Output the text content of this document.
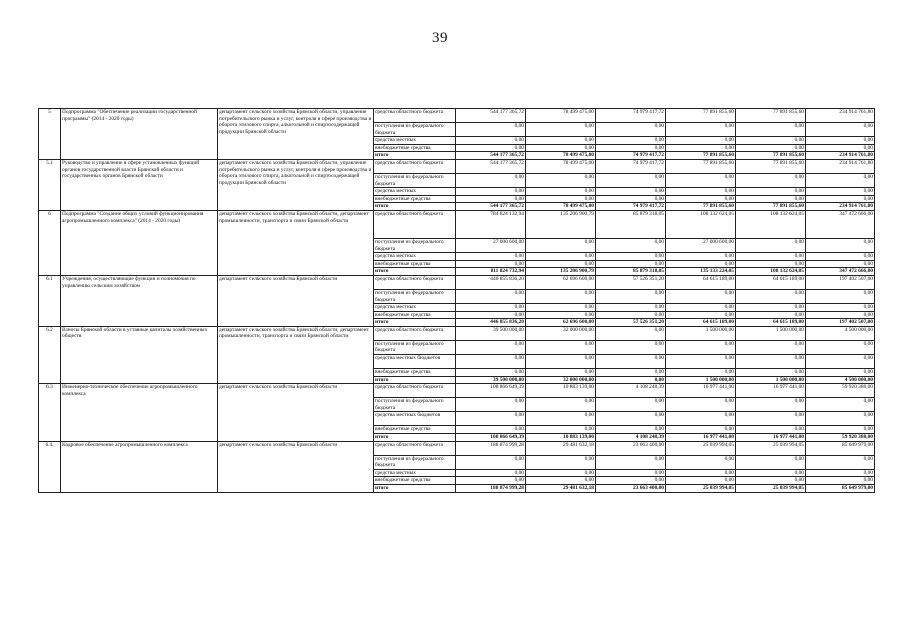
39
5	Подпрограмма "Обеспечение реализации государственной программы" (2014 - 2020 годы)	департамент сельского хозяйства Брянской области, управление потребительского рынка и услуг, контроля в сфере производства и оборота этилового спирта, алкогольной и спиртосодержащей продукции Брянской области	средства областного бюджета	544 177 365,72	78 499 475,00	74 979 417,72	77 891 855,60	77 891 855,60	234 914 761,80
			поступления из федерального бюджета	0,00	0,00	0,00	0,00	0,00	0,00
			средства местных	0,00	0,00	0,00	0,00	0,00	0,00
			внебюджетные средства	0,00	0,00	0,00	0,00	0,00	0,00
			итого	544 177 365,72	78 499 475,00	74 979 417,72	77 891 855,60	77 891 855,60	234 914 761,80
5.1	Руководство и управление в сфере установленных функций органов государственной власти Брянской области и государственных органов Брянской области	департамент сельского хозяйства Брянской области, управление потребительского рынка и услуг, контроля в сфере производства и оборота этилового спирта, алкогольной и спиртосодержащей продукции Брянской области	средства областного бюджета	544 177 365,72	78 499 475,00	74 979 417,72	77 891 855,60	77 891 855,60	234 914 761,80
			поступления из федерального бюджета	0,00	0,00	0,00	0,00	0,00	0,00
			средства местных	0,00	0,00	0,00	0,00	0,00	0,00
			внебюджетные средства	0,00	0,00	0,00	0,00	0,00	0,00
			итого	544 177 365,72	78 499 475,00	74 979 417,72	77 891 855,60	77 891 855,60	234 914 761,80
6	Подпрограмма "Создание общих условий функционирования агропромышленного комплекса" (2014 - 2020 годы)	департамент сельского хозяйства Брянской области, департамент промышленности, транспорта и связи Брянской области	средства областного бюджета	784 824 132,94	135 206 900,79	85 879 318,05	108 132 624,05	108 132 624,05	347 472 666,00
			поступления из федерального бюджета	27 000 600,00	0,00	0,00	27 000 600,00	0,00	0,00
			средства местных	0,00	0,00	0,00	0,00	0,00	0,00
			внебюджетные средства	0,00	0,00	0,00	0,00	0,00	0,00
			итого	811 824 732,94	135 206 900,79	85 879 318,05	135 133 224,05	108 132 624,05	347 472 666,00
6.1	Учреждения, осуществляющие функции и полномочия по управлению сельским хозяйством	департамент сельского хозяйства Брянской области	средства областного бюджета	446 855 836,20	62 696 600,00	57 526 351,20	64 615 189,00	64 615 189,00	197 402 507,00
			поступления из федерального бюджета	0,00	0,00	0,00	0,00	0,00	0,00
			средства местных	0,00	0,00	0,00	0,00	0,00	0,00
			внебюджетные средства	0,00	0,00	0,00	0,00	0,00	0,00
			итого	446 855 836,20	62 696 600,00	57 526 351,20	64 615 189,00	64 615 189,00	197 402 507,00
6.2	Взносы Брянской области в уставные капиталы хозяйственных обществ	департамент сельского хозяйства Брянской области, департамент промышленности, транспорта и связи Брянской области	средства областного бюджета	39 500 000,00	32 000 000,00	0,00	1 500 000,00	1 500 000,00	4 500 000,00
			поступления из федерального бюджета	0,00	0,00	0,00	0,00	0,00	0,00
			средства местных бюджетов	0,00	0,00	0,00	0,00	0,00	0,00
			внебюджетные средства	0,00	0,00	0,00	0,00	0,00	0,00
			итого	39 500 000,00	32 000 000,00	0,00	1 500 000,00	1 500 000,00	4 500 000,00
6.3	Инженерно-техническое обеспечение агропромышленного комплекса	департамент сельского хозяйства Брянской области	средства областного бюджета	108 866 649,39	10 883 139,00	4 108 248,39	16 977 441,00	16 977 441,00	59 920 380,00
			поступления из федерального бюджета	0,00	0,00	0,00	0,00	0,00	0,00
			средства местных бюджетов	0,00	0,00	0,00	0,00	0,00	0,00
			внебюджетные средства	0,00	0,00	0,00	0,00	0,00	0,00
			итого	108 866 649,39	10 883 139,00	4 108 248,39	16 977 441,00	16 977 441,00	59 920 380,00
6.4.	Кадровое обеспечение агропромышленного комплекса	департамент сельского хозяйства Брянской области	средства областного бюджета	188 874 999,28	29 481 632,18	23 663 400,00	25 039 994,05	25 039 994,05	85 649 979,00
			поступления из федерального бюджета	0,00	0,00	0,00	0,00	0,00	0,00
			средства местных	0,00	0,00	0,00	0,00	0,00	0,00
			внебюджетные средства	0,00	0,00	0,00	0,00	0,00	0,00
			итого	188 874 999,28	29 481 632,18	23 663 400,00	25 039 994,05	25 039 994,05	85 649 979,00
